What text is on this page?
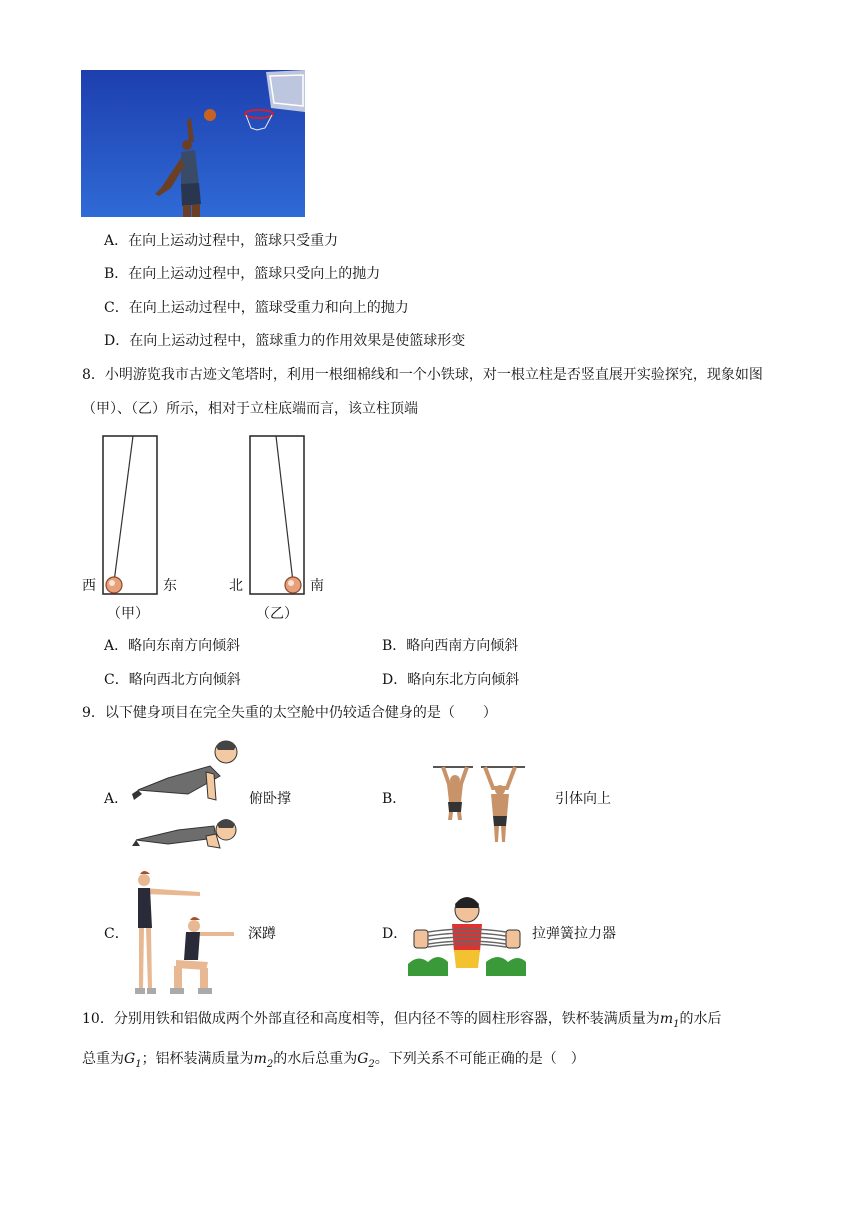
A．在向上运动过程中，篮球只受重力
B．在向上运动过程中，篮球只受向上的抛力
C．在向上运动过程中，篮球受重力和向上的抛力
D．在向上运动过程中，篮球重力的作用效果是使篮球形变
8．小明游览我市古迹文笔塔时，利用一根细棉线和一个小铁球，对一根立柱是否竖直展开实验探究，现象如图（甲）、（乙）所示，相对于立柱底端而言，该立柱顶端
西	东
（甲）
北	南
（乙）
A．略向东南方向倾斜	B．略向西南方向倾斜
C．略向西北方向倾斜	D．略向东北方向倾斜
9．以下健身项目在完全失重的太空舱中仍较适合健身的是（　　）
A．	俯卧撑	B．	引体向上
C．	深蹲	D．	拉弹簧拉力器
10．分别用铁和铝做成两个外部直径和高度相等，但内径不等的圆柱形容器，铁杯装满质量为$m_1$的水后
总重为$G_1$；铝杯装满质量为$m_2$的水后总重为$G_2$。下列关系不可能正确的是（　）
